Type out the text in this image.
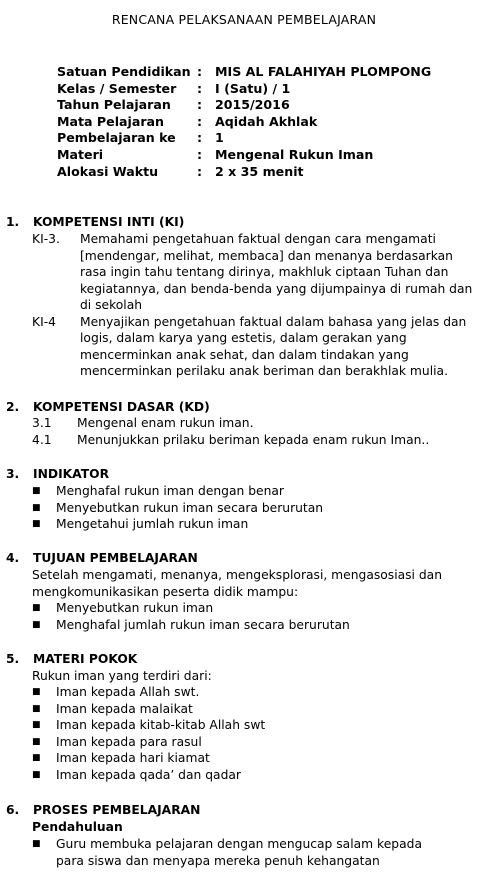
RENCANA PELAKSANAAN PEMBELAJARAN
Satuan Pendidikan :	MIS AL FALAHIYAH PLOMPONG
Kelas / Semester	:	I (Satu) / 1
Tahun Pelajaran	:	2015/2016
Mata Pelajaran	:	Aqidah Akhlak
Pembelajaran ke	:	1
Materi	:	Mengenal Rukun Iman
Alokasi Waktu	:	2 x 35 menit
1. KOMPETENSI INTI (KI)
KI-3.	Memahami pengetahuan faktual dengan cara mengamati [mendengar, melihat, membaca] dan menanya berdasarkan rasa ingin tahu tentang dirinya, makhluk ciptaan Tuhan dan kegiatannya, dan benda-benda yang dijumpainya di rumah dan di sekolah
KI-4	Menyajikan pengetahuan faktual dalam bahasa yang jelas dan logis, dalam karya yang estetis, dalam gerakan yang mencerminkan anak sehat, dan dalam tindakan yang mencerminkan perilaku anak beriman dan berakhlak mulia.
2. KOMPETENSI DASAR (KD)
3.1	Mengenal enam rukun iman.
4.1	Menunjukkan prilaku beriman kepada enam rukun Iman..
3. INDIKATOR
■	Menghafal rukun iman dengan benar
■	Menyebutkan rukun iman secara berurutan
■	Mengetahui jumlah rukun iman
4. TUJUAN PEMBELAJARAN
Setelah mengamati, menanya, mengeksplorasi, mengasosiasi dan mengkomunikasikan peserta didik mampu:
■	Menyebutkan rukun iman
■	Menghafal jumlah rukun iman secara berurutan
5. MATERI POKOK
Rukun iman yang terdiri dari:
■	Iman kepada Allah swt.
■	Iman kepada malaikat
■	Iman kepada kitab-kitab Allah swt
■	Iman kepada para rasul
■	Iman kepada hari kiamat
■	Iman kepada qada’ dan qadar
6. PROSES PEMBELAJARAN
Pendahuluan
■	Guru membuka pelajaran dengan mengucap salam kepada para siswa dan menyapa mereka penuh kehangatan
